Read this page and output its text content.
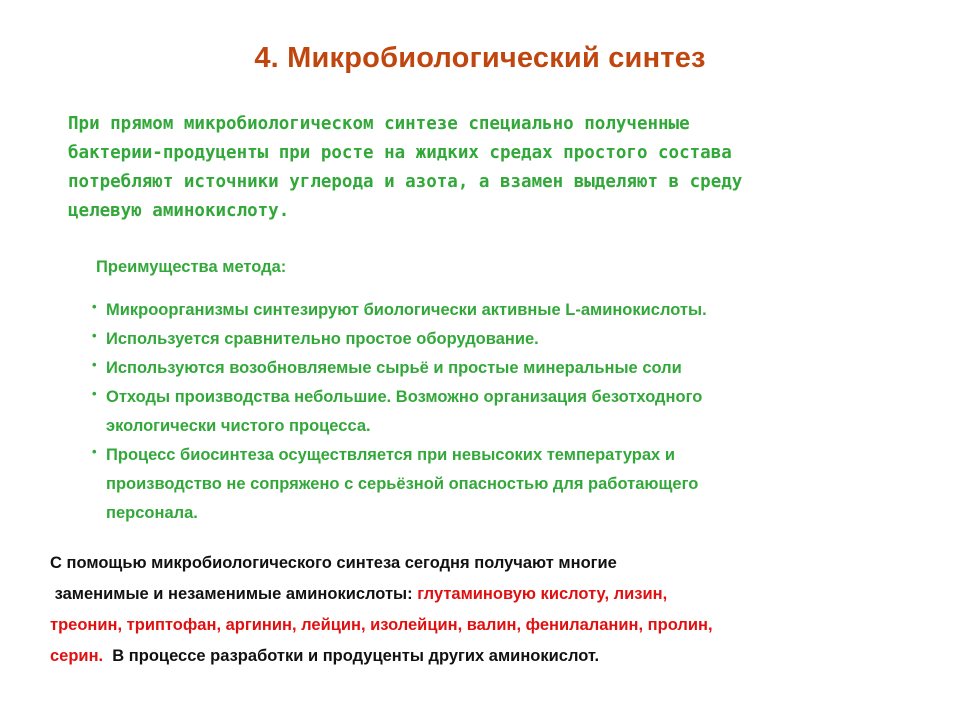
4. Микробиологический синтез

При прямом микробиологическом синтезе специально полученные
бактерии-продуценты при росте на жидких средах простого состава
потребляют источники углерода и азота, а взамен выделяют в среду
целевую аминокислоту.

Преимущества метода:
• Микроорганизмы синтезируют биологически активные L-аминокислоты.
• Используется сравнительно простое оборудование.
• Используются возобновляемые сырьё и простые минеральные соли
• Отходы производства небольшие. Возможно организация безотходного
экологически чистого процесса.
• Процесс биосинтеза осуществляется при невысоких температурах и
производство не сопряжено с серьёзной опасностью для работающего
персонала.

С помощью микробиологического синтеза сегодня получают многие
заменимые и незаменимые аминокислоты: глутаминовую кислоту, лизин,
треонин, триптофан, аргинин, лейцин, изолейцин, валин, фенилаланин, пролин,
серин.  В процессе разработки и продуценты других аминокислот.
